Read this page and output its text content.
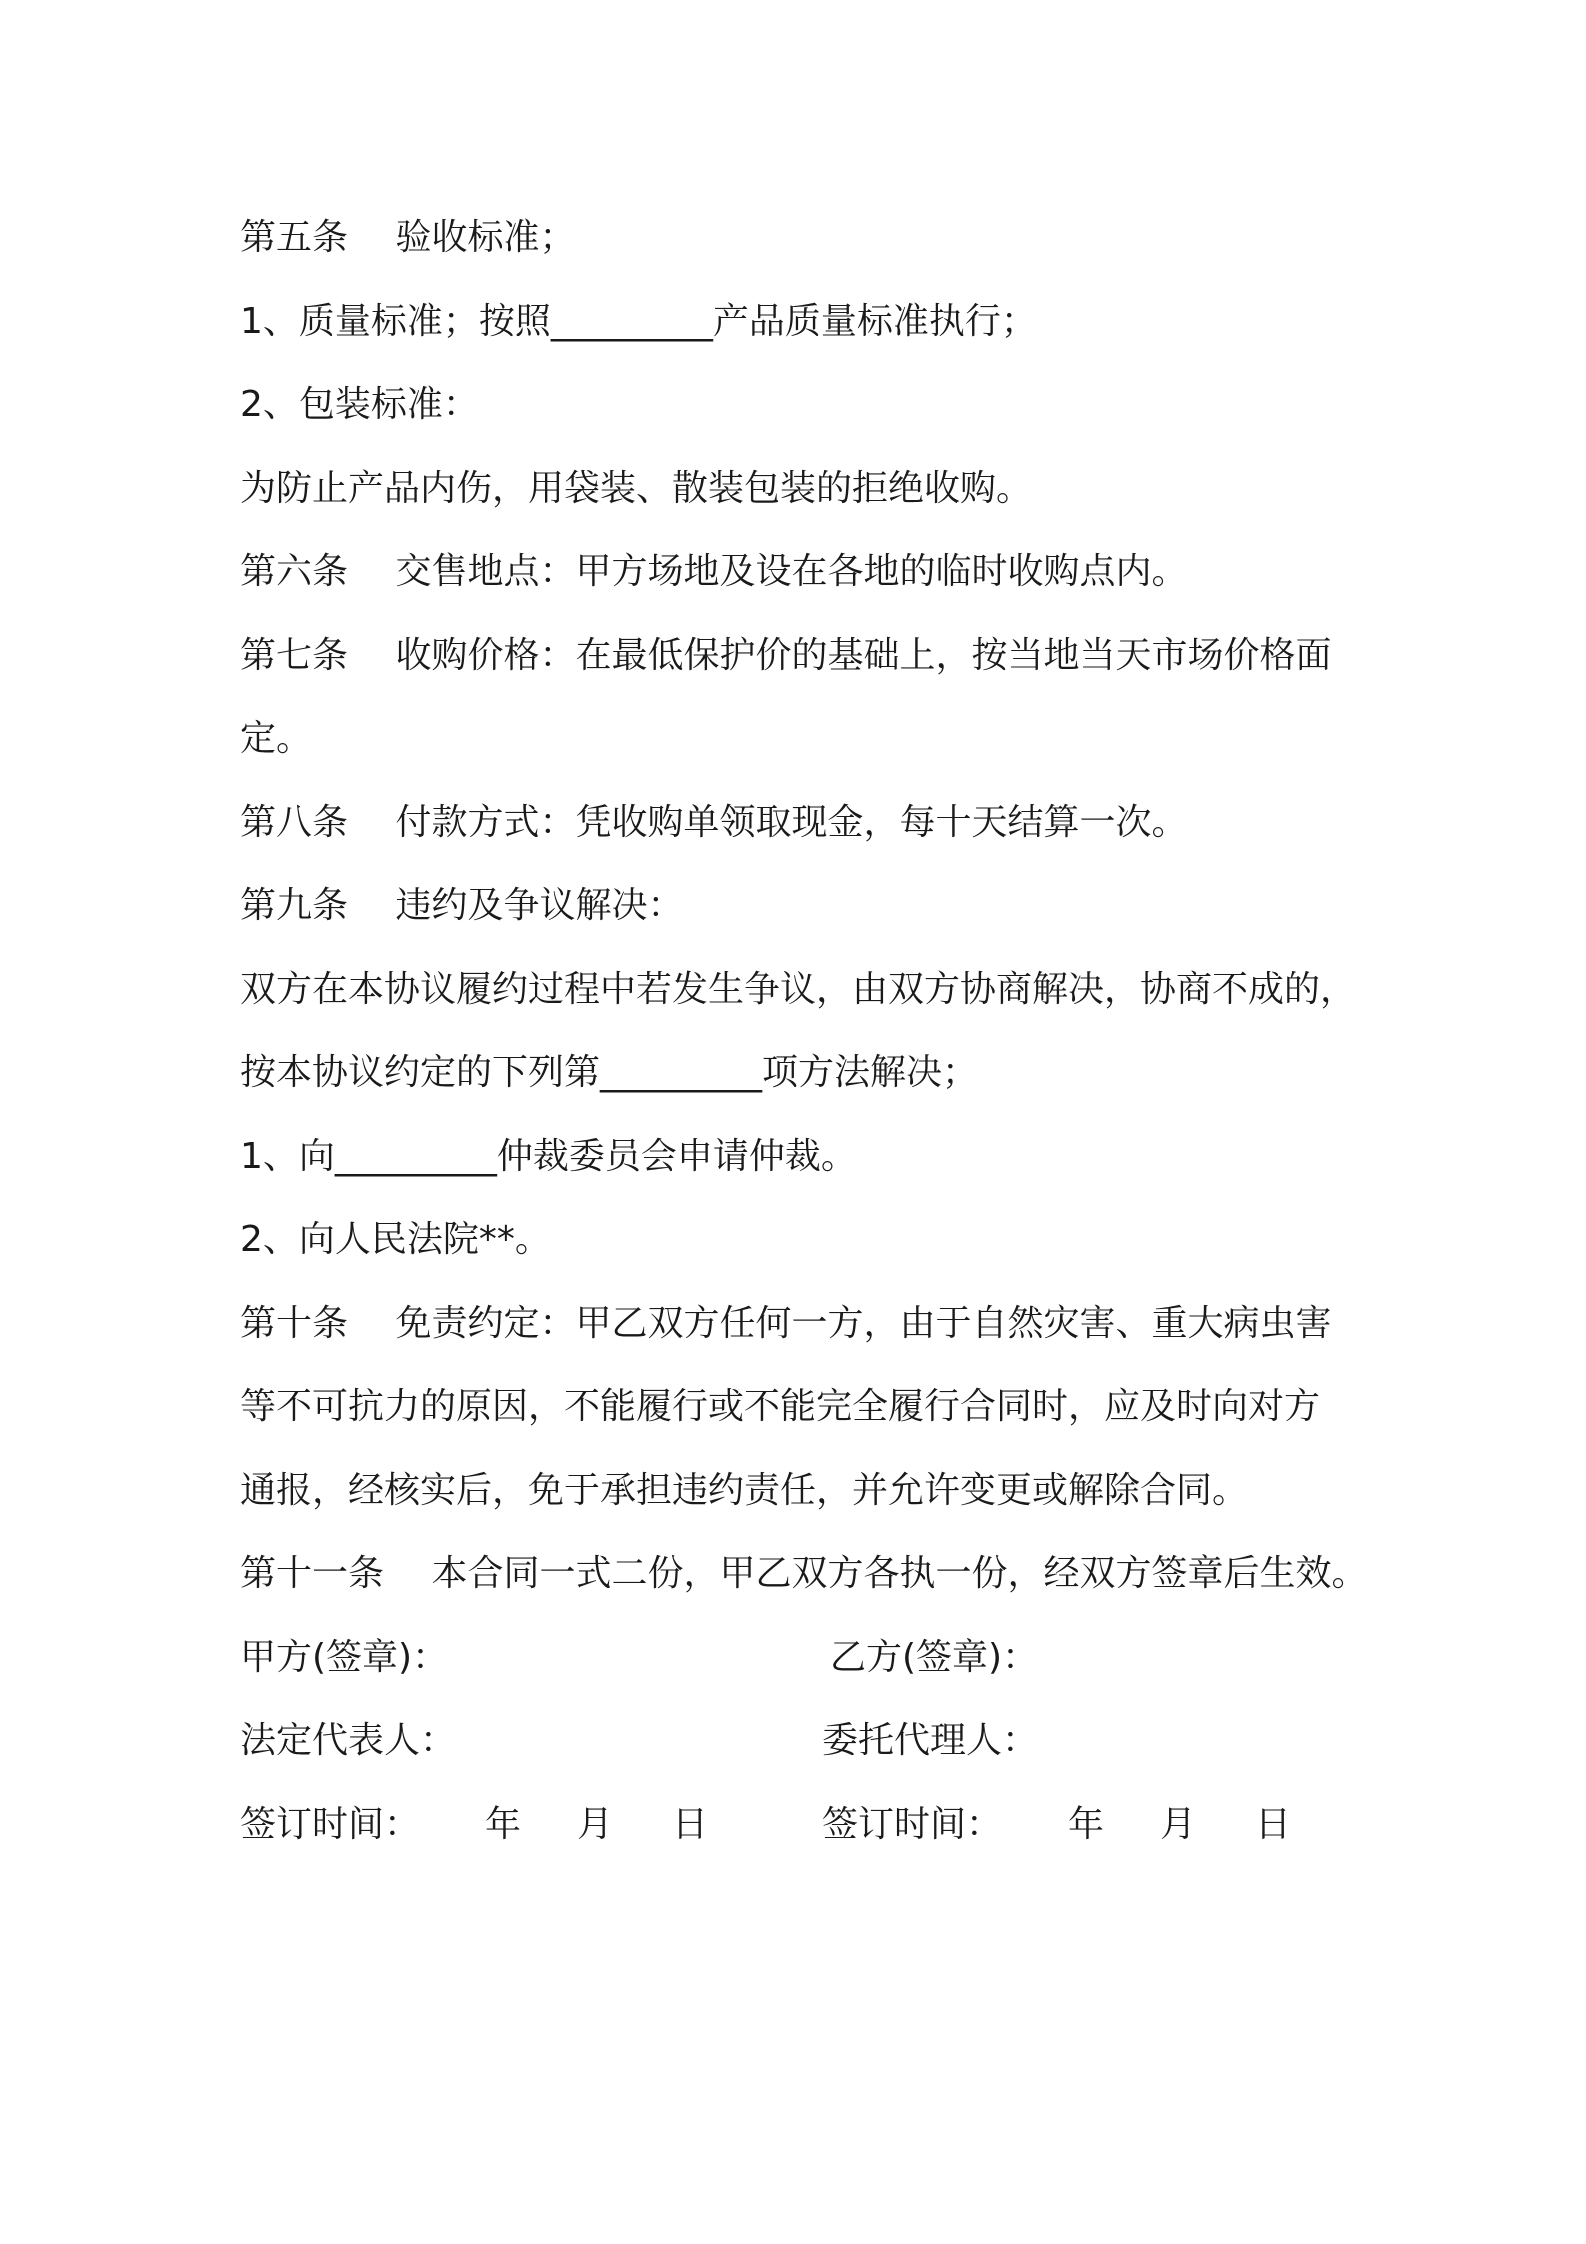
第五条　 验收标准；
1、质量标准；按照_________产品质量标准执行；
2、包装标准：
为防止产品内伤，用袋装、散装包装的拒绝收购。
第六条　 交售地点：甲方场地及设在各地的临时收购点内。
第七条　 收购价格：在最低保护价的基础上，按当地当天市场价格面
定。
第八条　 付款方式：凭收购单领取现金，每十天结算一次。
第九条　 违约及争议解决：
双方在本协议履约过程中若发生争议，由双方协商解决，协商不成的，
按本协议约定的下列第_________项方法解决；
1、向_________仲裁委员会申请仲裁。
2、向人民法院**。
第十条　 免责约定：甲乙双方任何一方，由于自然灾害、重大病虫害
等不可抗力的原因，不能履行或不能完全履行合同时，应及时向对方
通报，经核实后，免于承担违约责任，并允许变更或解除合同。
第十一条　 本合同一式二份，甲乙双方各执一份，经双方签章后生效。
甲方(签章)：	乙方(签章)：
法定代表人：	委托代理人：
签订时间： 年 月 日	签订时间： 年 月 日
